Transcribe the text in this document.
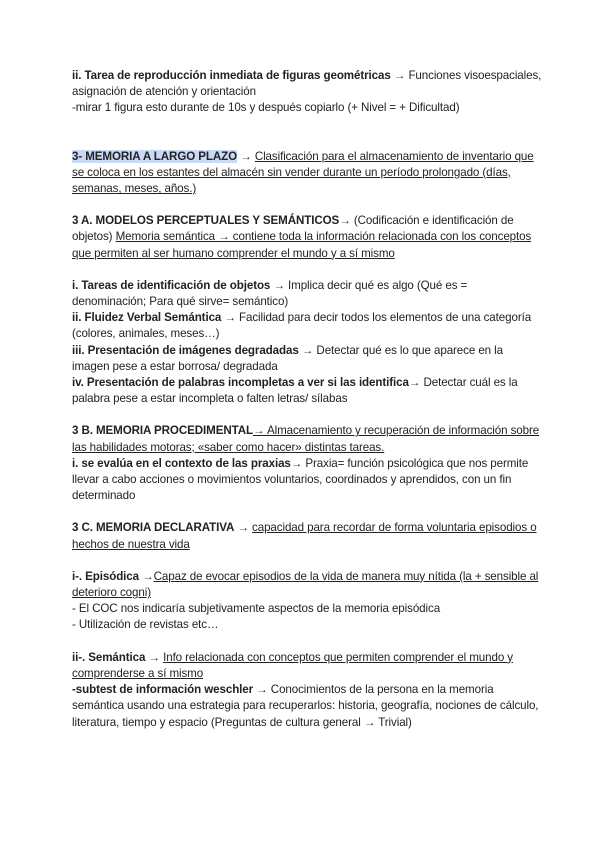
ii. Tarea de reproducción inmediata de figuras geométricas → Funciones visoespaciales, asignación de atención y orientación

-mirar 1 figura esto durante de 10s y después copiarlo (+ Nivel = + Dificultad)

3- MEMORIA A LARGO PLAZO → Clasificación para el almacenamiento de inventario que se coloca en los estantes del almacén sin vender durante un período prolongado (días, semanas, meses, años.)

3 A. MODELOS PERCEPTUALES Y SEMÁNTICOS→ (Codificación e identificación de objetos) Memoria semántica → contiene toda la información relacionada con los conceptos que permiten al ser humano comprender el mundo y a sí mismo

i. Tareas de identificación de objetos → Implica decir qué es algo (Qué es = denominación; Para qué sirve= semántico)

ii. Fluidez Verbal Semántica → Facilidad para decir todos los elementos de una categoría (colores, animales, meses…)

iii. Presentación de imágenes degradadas → Detectar qué es lo que aparece en la imagen pese a estar borrosa/ degradada

iv. Presentación de palabras incompletas a ver si las identifica→ Detectar cuál es la palabra pese a estar incompleta o falten letras/ sílabas

3 B. MEMORIA PROCEDIMENTAL→ Almacenamiento y recuperación de información sobre las habilidades motoras; «saber como hacer» distintas tareas.

i. se evalúa en el contexto de las praxias→ Praxia= función psicológica que nos permite llevar a cabo acciones o movimientos voluntarios, coordinados y aprendidos, con un fin determinado

3 C. MEMORIA DECLARATIVA → capacidad para recordar de forma voluntaria episodios o hechos de nuestra vida

i-. Episódica →Capaz de evocar episodios de la vida de manera muy nítida (la + sensible al deterioro cogni)

- El COC nos indicaría subjetivamente aspectos de la memoria episódica

- Utilización de revistas etc…

ii-. Semántica → Info relacionada con conceptos que permiten comprender el mundo y comprenderse a sí mismo

-subtest de información weschler → Conocimientos de la persona en la memoria semántica usando una estrategia para recuperarlos: historia, geografía, nociones de cálculo, literatura, tiempo y espacio (Preguntas de cultura general → Trivial)
